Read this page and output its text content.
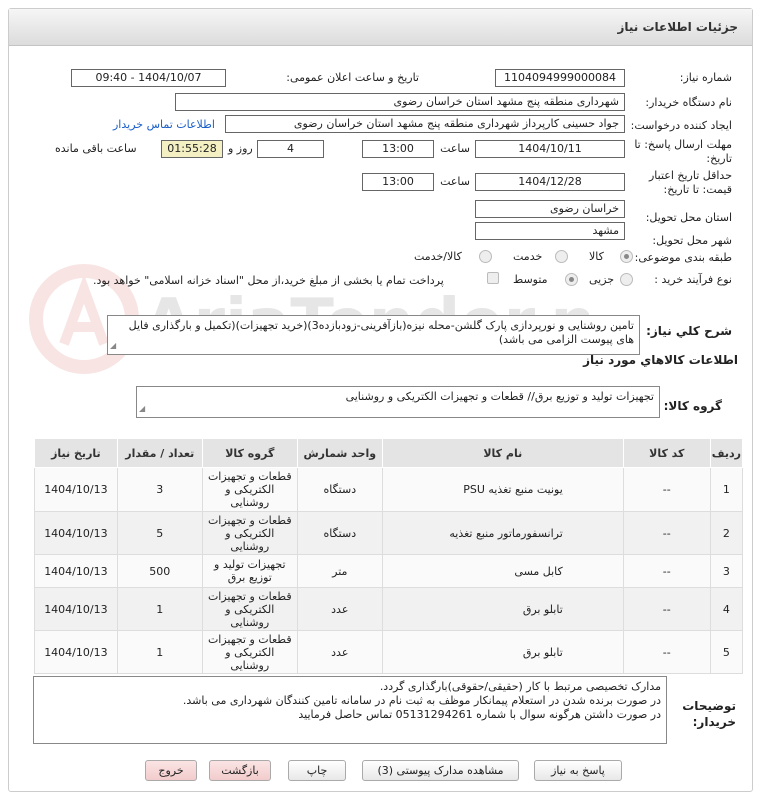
جزئیات اطلاعات نیاز
شماره نیاز:
1104094999000084
تاریخ و ساعت اعلان عمومی:
1404/10/07 - 09:40
نام دستگاه خریدار:
شهرداری منطقه پنج مشهد استان خراسان رضوی
ایجاد کننده درخواست:
جواد حسینی کارپرداز شهرداری منطقه پنج مشهد استان خراسان رضوی
اطلاعات تماس خریدار
مهلت ارسال پاسخ: تا
تاریخ:
1404/10/11
ساعت
13:00
4
روز و
01:55:28
ساعت باقی مانده
حداقل تاریخ اعتبار
قیمت: تا تاریخ:
1404/12/28
ساعت
13:00
استان محل تحویل:
خراسان رضوی
شهر محل تحویل:
مشهد
طبقه بندی موضوعی:
کالا
خدمت
کالا/خدمت
نوع فرآیند خرید :
جزیی
متوسط
پرداخت تمام یا بخشی از مبلغ خرید،از محل "اسناد خزانه اسلامی" خواهد بود.
شرح کلي نياز:
تامین روشنایی و نورپردازی پارک گلشن-محله نیزه(بازآفرینی-زودبازده3)(خرید تجهیزات)(تکمیل و بارگذاری فایل های پیوست الزامی می باشد)
◢
اطلاعات کالاهاي مورد نياز
گروه کالا:
تجهیزات تولید و توزیع برق// قطعات و تجهیزات الکتریکی و روشنایی
◢
توضیحات
خریدار:
مدارک تخصیصی مرتبط با کار (حقیقی/حقوقی)بارگذاری گردد.
در صورت برنده شدن در استعلام پیمانکار موظف به ثبت نام در سامانه تامین کنندگان شهرداری می باشد.
در صورت داشتن هرگونه سوال با شماره 05131294261 تماس حاصل فرمایید
پاسخ به نیاز
مشاهده مدارک پیوستی (3)
چاپ
بازگشت
خروج
ردیف	کد کالا	نام کالا	واحد شمارش	گروه کالا	تعداد / مقدار	تاریخ نیاز
1	--	یونیت منبع تغذیه PSU	دستگاه	قطعات و تجهیزات الکتریکی و روشنایی	3	1404/10/13
2	--	ترانسفورماتور منبع تغذیه	دستگاه	قطعات و تجهیزات الکتریکی و روشنایی	5	1404/10/13
3	--	کابل مسی	متر	تجهیزات تولید و توزیع برق	500	1404/10/13
4	--	تابلو برق	عدد	قطعات و تجهیزات الکتریکی و روشنایی	1	1404/10/13
5	--	تابلو برق	عدد	قطعات و تجهیزات الکتریکی و روشنایی	1	1404/10/13
